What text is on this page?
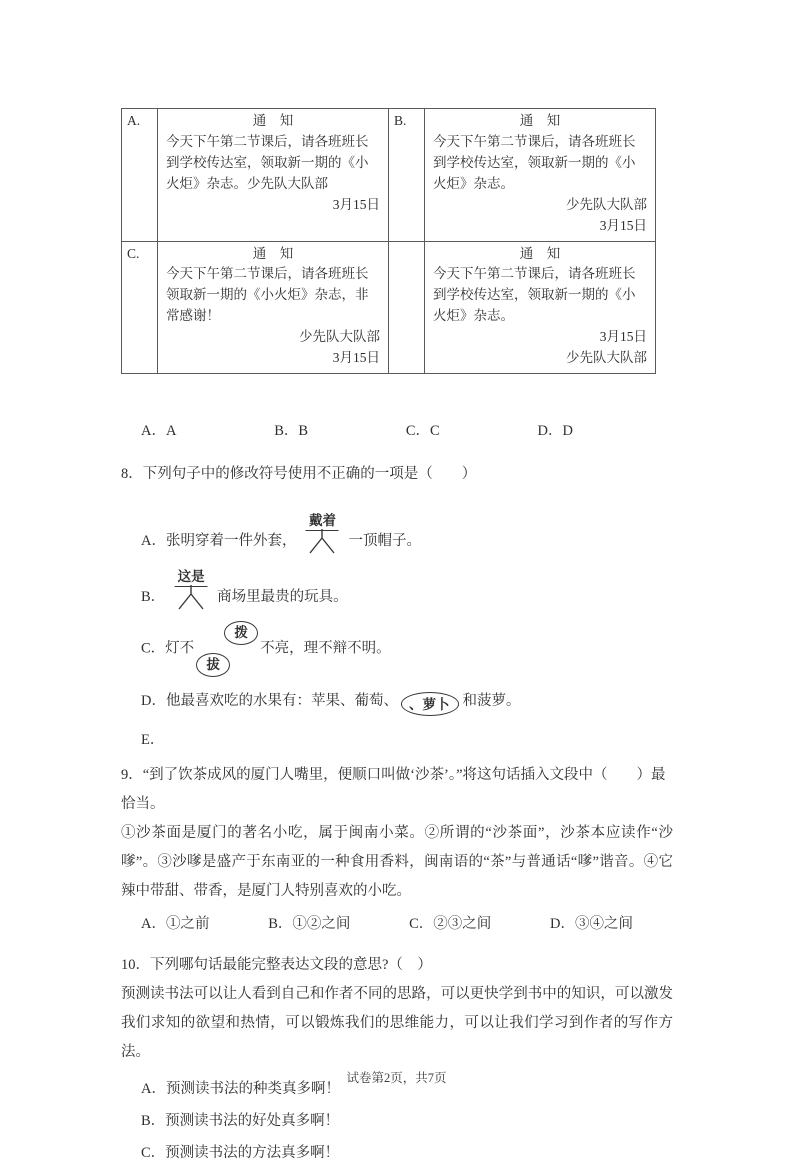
A.	通　知
今天下午第二节课后，请各班班长到学校传达室，领取新一期的《小火炬》杂志。少先队大队部
3月15日
	B.	通　知
今天下午第二节课后，请各班班长到学校传达室，领取新一期的《小火炬》杂志。
少先队大队部
3月15日

C.	通　知
今天下午第二节课后，请各班班长领取新一期的《小火炬》杂志，非常感谢！
少先队大队部
3月15日

通　知
今天下午第二节课后，请各班班长到学校传达室，领取新一期的《小火炬》杂志。
3月15日
少先队大队部
A．A	B．B	C．C	D．D
8．下列句子中的修改符号使用不正确的一项是（　　）
A．张明穿着一件外套，
戴着
一顶帽子。
B．
这是
商场里最贵的玩具。
C．灯不
拨
拔
不亮，理不辩不明。
D．他最喜欢吃的水果有：苹果、葡萄、 、萝卜 和菠萝。
E．
9．“到了饮茶成风的厦门人嘴里，便顺口叫做‘沙茶’。”将这句话插入文段中（　　）最恰当。
①沙茶面是厦门的著名小吃，属于闽南小菜。②所谓的“沙茶面”，沙茶本应读作“沙嗲”。③沙嗲是盛产于东南亚的一种食用香料，闽南语的“茶”与普通话“嗲”谐音。④它辣中带甜、带香，是厦门人特别喜欢的小吃。
A．①之前	B．①②之间	C．②③之间	D．③④之间
10．下列哪句话最能完整表达文段的意思?（　）
预测读书法可以让人看到自己和作者不同的思路，可以更快学到书中的知识，可以激发我们求知的欲望和热情，可以锻炼我们的思维能力，可以让我们学习到作者的写作方法。
A．预测读书法的种类真多啊！
B．预测读书法的好处真多啊！
C．预测读书法的方法真多啊！
试卷第2页，共7页
